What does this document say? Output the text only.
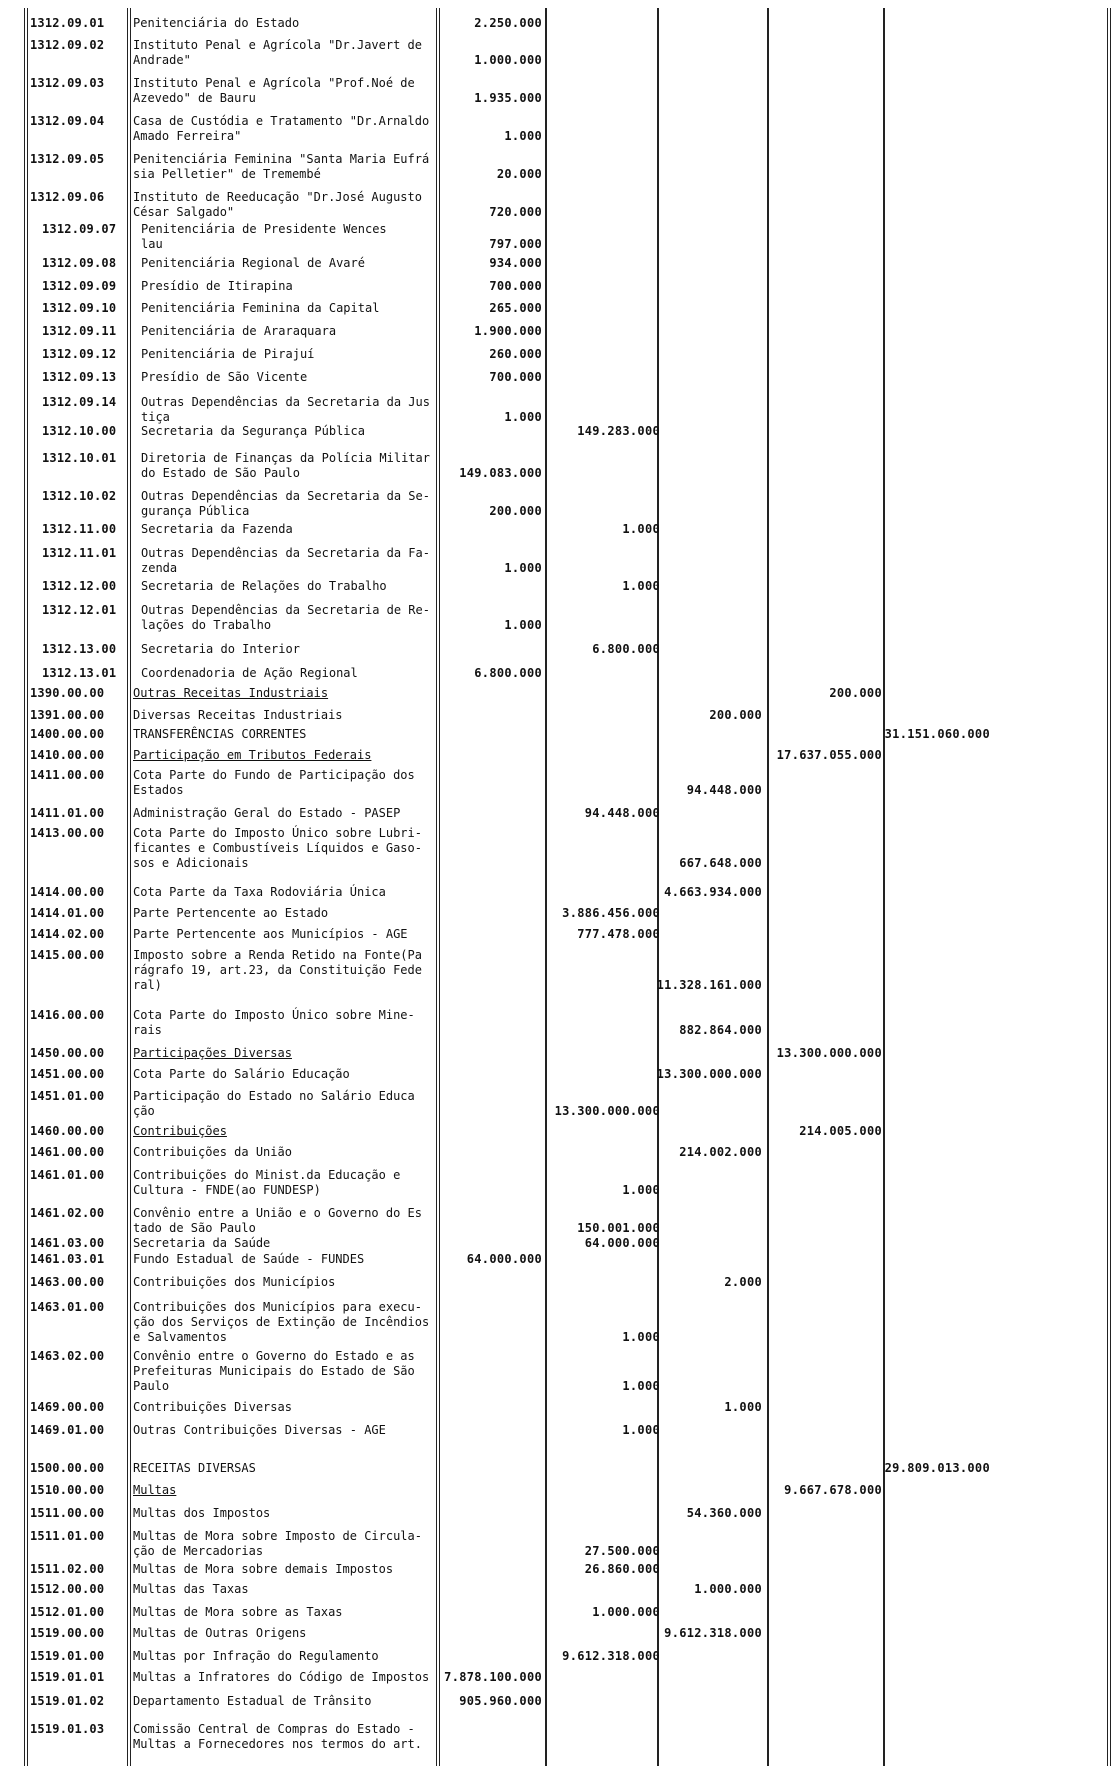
1312.09.01	Penitenciária do Estado	2.250.000
1312.09.02	Instituto Penal e Agrícola "Dr.Javert de
Andrade"	1.000.000
1312.09.03	Instituto Penal e Agrícola "Prof.Noé de
Azevedo" de Bauru	1.935.000
1312.09.04	Casa de Custódia e Tratamento "Dr.Arnaldo
Amado Ferreira"	1.000
1312.09.05	Penitenciária Feminina "Santa Maria Eufrá
sia Pelletier" de Tremembé	20.000
1312.09.06	Instituto de Reeducação "Dr.José Augusto
César Salgado"	720.000
1312.09.07	Penitenciária de Presidente Wences
lau	797.000
1312.09.08	Penitenciária Regional de Avaré	934.000
1312.09.09	Presídio de Itirapina	700.000
1312.09.10	Penitenciária Feminina da Capital	265.000
1312.09.11	Penitenciária de Araraquara	1.900.000
1312.09.12	Penitenciária de Pirajuí	260.000
1312.09.13	Presídio de São Vicente	700.000
1312.09.14	Outras Dependências da Secretaria da Jus
tiça	1.000
1312.10.00	Secretaria da Segurança Pública	149.283.000
1312.10.01	Diretoria de Finanças da Polícia Militar
do Estado de São Paulo	149.083.000
1312.10.02	Outras Dependências da Secretaria da Se-
gurança Pública	200.000
1312.11.00	Secretaria da Fazenda	1.000
1312.11.01	Outras Dependências da Secretaria da Fa-
zenda	1.000
1312.12.00	Secretaria de Relações do Trabalho	1.000
1312.12.01	Outras Dependências da Secretaria de Re-
lações do Trabalho	1.000
1312.13.00	Secretaria do Interior	6.800.000
1312.13.01	Coordenadoria de Ação Regional	6.800.000
1390.00.00	Outras Receitas Industriais	200.000
1391.00.00	Diversas Receitas Industriais	200.000
1400.00.00	TRANSFERÊNCIAS CORRENTES	31.151.060.000
1410.00.00	Participação em Tributos Federais	17.637.055.000
1411.00.00	Cota Parte do Fundo de Participação dos
Estados	94.448.000
1411.01.00	Administração Geral do Estado - PASEP	94.448.000
1413.00.00	Cota Parte do Imposto Único sobre Lubri-
ficantes e Combustíveis Líquidos e Gaso-
sos e Adicionais	667.648.000
1414.00.00	Cota Parte da Taxa Rodoviária Única	4.663.934.000
1414.01.00	Parte Pertencente ao Estado	3.886.456.000
1414.02.00	Parte Pertencente aos Municípios - AGE	777.478.000
1415.00.00	Imposto sobre a Renda Retido na Fonte(Pa
rágrafo 19, art.23, da Constituição Fede
ral)	11.328.161.000
1416.00.00	Cota Parte do Imposto Único sobre Mine-
rais	882.864.000
1450.00.00	Participações Diversas	13.300.000.000
1451.00.00	Cota Parte do Salário Educação	13.300.000.000
1451.01.00	Participação do Estado no Salário Educa
ção	13.300.000.000
1460.00.00	Contribuições	214.005.000
1461.00.00	Contribuições da União	214.002.000
1461.01.00	Contribuições do Minist.da Educação e
Cultura - FNDE(ao FUNDESP)	1.000
1461.02.00	Convênio entre a União e o Governo do Es
tado de São Paulo	150.001.000
1461.03.00	Secretaria da Saúde	64.000.000
1461.03.01	Fundo Estadual de Saúde - FUNDES	64.000.000
1463.00.00	Contribuições dos Municípios	2.000
1463.01.00	Contribuições dos Municípios para execu-
ção dos Serviços de Extinção de Incêndios
e Salvamentos	1.000
1463.02.00	Convênio entre o Governo do Estado e as
Prefeituras Municipais do Estado de São
Paulo	1.000
1469.00.00	Contribuições Diversas	1.000
1469.01.00	Outras Contribuições Diversas - AGE	1.000
1500.00.00	RECEITAS DIVERSAS	29.809.013.000
1510.00.00	Multas	9.667.678.000
1511.00.00	Multas dos Impostos	54.360.000
1511.01.00	Multas de Mora sobre Imposto de Circula-
ção de Mercadorias	27.500.000
1511.02.00	Multas de Mora sobre demais Impostos	26.860.000
1512.00.00	Multas das Taxas	1.000.000
1512.01.00	Multas de Mora sobre as Taxas	1.000.000
1519.00.00	Multas de Outras Origens	9.612.318.000
1519.01.00	Multas por Infração do Regulamento	9.612.318.000
1519.01.01	Multas a Infratores do Código de Impostos	7.878.100.000
1519.01.02	Departamento Estadual de Trânsito	905.960.000
1519.01.03	Comissão Central de Compras do Estado -
Multas a Fornecedores nos termos do art.
